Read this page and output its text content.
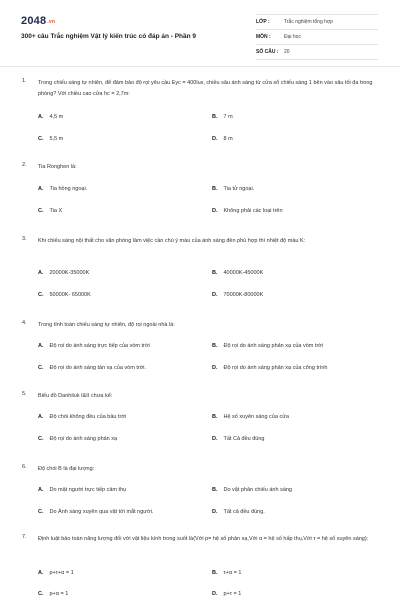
2048.vn
300+ câu Trắc nghiệm Vật lý kiến trúc có đáp án - Phần 9
LỚP :	Trắc nghiệm tổng hợp
MÔN :	Đại học
SỐ CÂU :	20
1. Trong chiếu sáng tự nhiên, để đảm bảo độ rọi yêu cầu Eyc = 400lux, chiều sâu ánh sáng từ cửa sổ chiếu sáng 1 bên vào sâu tối đa trong phòng? Với chiều cao cửa hc = 2,7m:
A. 4,5 m	B. 7 m
C. 5,5 m	D. 8 m
2. Tia Ronghen là:
A. Tia hồng ngoại.	B. Tia tử ngoại.
C. Tia X	D. Không phải các loại trên
3. Khi chiếu sáng nội thất cho văn phòng làm việc cần chú ý màu của ánh sáng đèn phù hợp thì nhiệt độ màu K:
A. 20000K-35000K	B. 40000K-45000K
C. 50000K- 65000K	D. 70000K-80000K
4. Trong tính toán chiếu sáng tự nhiên, độ rọi ngoài nhà là:
A. Độ rọi do ánh sáng trực tiếp của vòm trời	B. Độ rọi do ánh sáng phản xạ của vòm trời
C. Độ rọi do ánh sáng tán xạ của vòm trời.	D. Độ rọi do ánh sáng phản xạ của công trình
5. Biểu đồ Danhiluk I&II chưa kể:
A. Độ chói không đều của bầu trời	B. Hệ số xuyên sáng của cửa
C. Độ rọi do ánh sáng phản xạ	D. Tất Cả đều đúng
6. Độ chói B là đại lượng:
A. Do mật người trực tiếp cảm thụ	B. Do vật phản chiếu ánh sáng
C. Do Ánh sáng xuyên qua vật tới mắt người.	D. Tất cả đều đúng.
7. Định luật bảo toàn năng lượng đối với vật liệu kính trong suốt là(Với p= hệ số phản xạ,Với α = hệ số hấp thụ,Với τ = hệ số xuyên sáng):
A. p+τ+α = 1	B. τ+α = 1
C. p+α = 1	D. p+τ = 1
